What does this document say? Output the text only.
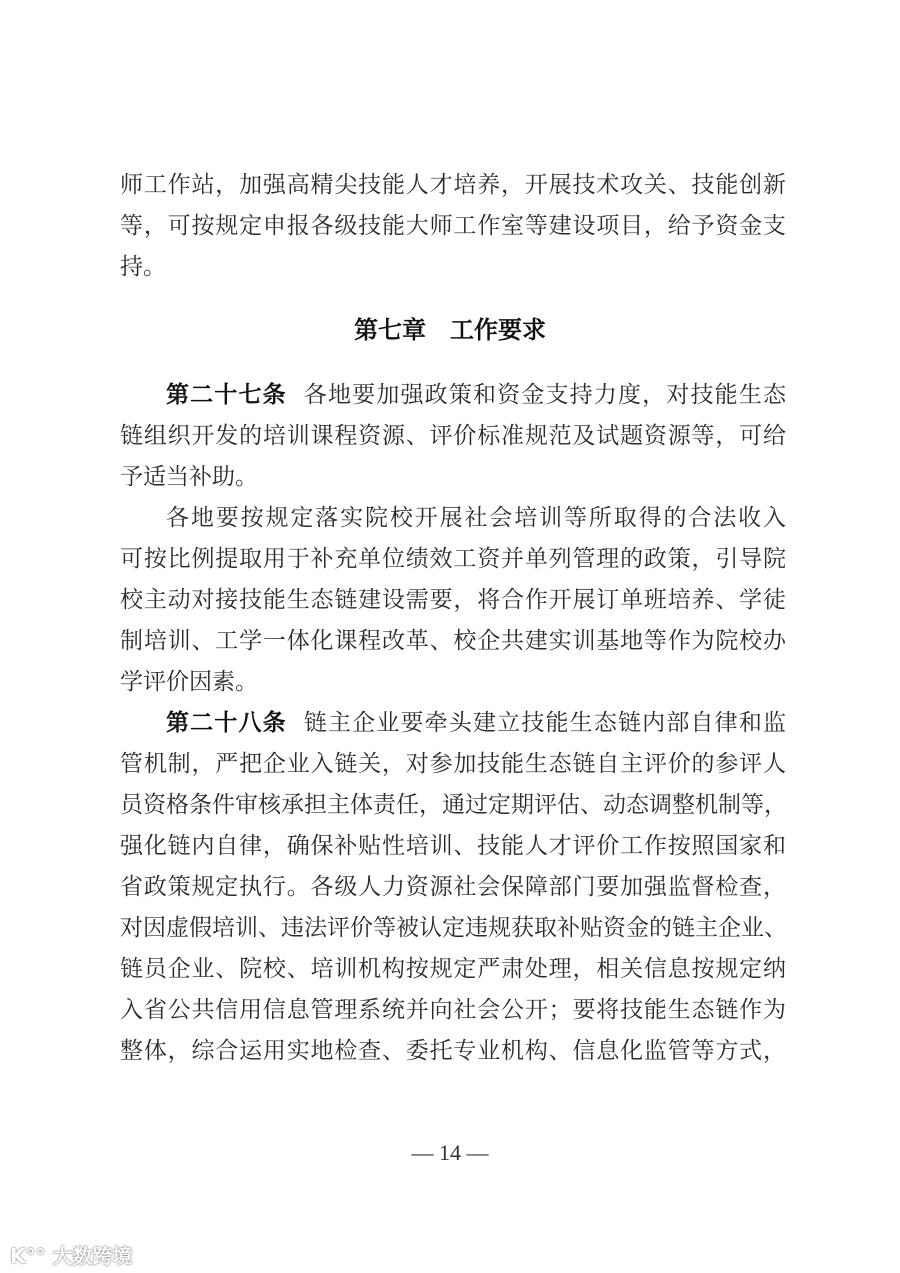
师工作站，加强高精尖技能人才培养，开展技术攻关、技能创新
等，可按规定申报各级技能大师工作室等建设项目，给予资金支
持。
第七章　工作要求
第二十七条 各地要加强政策和资金支持力度，对技能生态
链组织开发的培训课程资源、评价标准规范及试题资源等，可给
予适当补助。
各地要按规定落实院校开展社会培训等所取得的合法收入
可按比例提取用于补充单位绩效工资并单列管理的政策，引导院
校主动对接技能生态链建设需要，将合作开展订单班培养、学徒
制培训、工学一体化课程改革、校企共建实训基地等作为院校办
学评价因素。
第二十八条 链主企业要牵头建立技能生态链内部自律和监
管机制，严把企业入链关，对参加技能生态链自主评价的参评人
员资格条件审核承担主体责任，通过定期评估、动态调整机制等，
强化链内自律，确保补贴性培训、技能人才评价工作按照国家和
省政策规定执行。各级人力资源社会保障部门要加强监督检查，
对因虚假培训、违法评价等被认定违规获取补贴资金的链主企业、
链员企业、院校、培训机构按规定严肃处理，相关信息按规定纳
入省公共信用信息管理系统并向社会公开；要将技能生态链作为
整体，综合运用实地检查、委托专业机构、信息化监管等方式，
— 14 —
K°° 大数跨境
